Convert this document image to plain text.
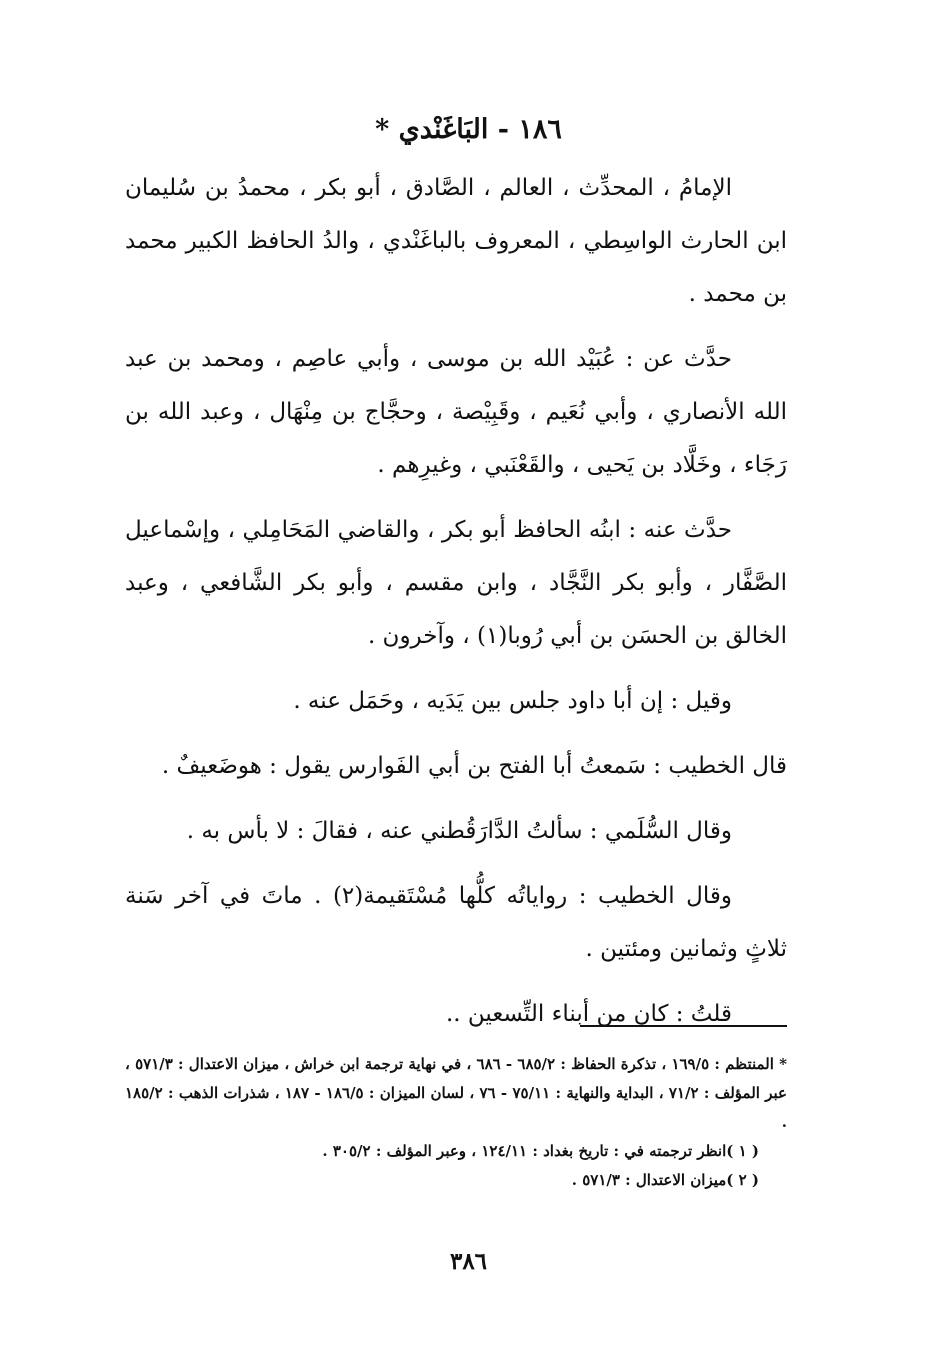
١٨٦ - البَاغَنْدي *

الإمامُ ، المحدِّث ، العالم ، الصَّادق ، أبو بكر ، محمدُ بن سُليمان ابن الحارث الواسِطي ، المعروف بالباغَنْدي ، والدُ الحافظ الكبير محمد بن محمد .

حدَّث عن : عُبَيْد الله بن موسى ، وأبي عاصِم ، ومحمد بن عبد الله الأنصاري ، وأبي نُعَيم ، وقَبِيْصة ، وحجَّاج بن مِنْهَال ، وعبد الله بن رَجَاء ، وخَلَّاد بن يَحيى ، والقَعْنَبي ، وغيرِهم .

حدَّث عنه : ابنُه الحافظ أبو بكر ، والقاضي المَحَامِلي ، وإسْماعيل الصَّفَّار ، وأبو بكر النَّجَّاد ، وابن مقسم ، وأبو بكر الشَّافعي ، وعبد الخالق بن الحسَن بن أبي رُوبا(١) ، وآخرون .

وقيل : إن أبا داود جلس بين يَدَيه ، وحَمَل عنه .

قال الخطيب : سَمعتُ أبا الفتح بن أبي الفَوارس يقول : هوضَعيفٌ .

وقال السُّلَمي : سألتُ الدَّارَقُطني عنه ، فقالَ : لا بأس به .

وقال الخطيب : رواياتُه كلُّها مُسْتَقيمة(٢) . ماتَ في آخر سَنة ثلاثٍ وثمانين ومئتين .

قلتُ : كان من أبناء التِّسعين ..

* المنتظم : ١٦٩/٥ ، تذكرة الحفاظ : ٦٨٥/٢ - ٦٨٦ ، في نهاية ترجمة ابن خراش ، ميزان الاعتدال : ٥٧١/٣ ، عبر المؤلف : ٧١/٢ ، البداية والنهاية : ٧٥/١١ - ٧٦ ، لسان الميزان : ١٨٦/٥ - ١٨٧ ، شذرات الذهب : ١٨٥/٢ .

( ١ )انظر ترجمته في : تاريخ بغداد : ١٢٤/١١ ، وعبر المؤلف : ٣٠٥/٢ .

( ٢ )ميزان الاعتدال : ٥٧١/٣ .

٣٨٦
